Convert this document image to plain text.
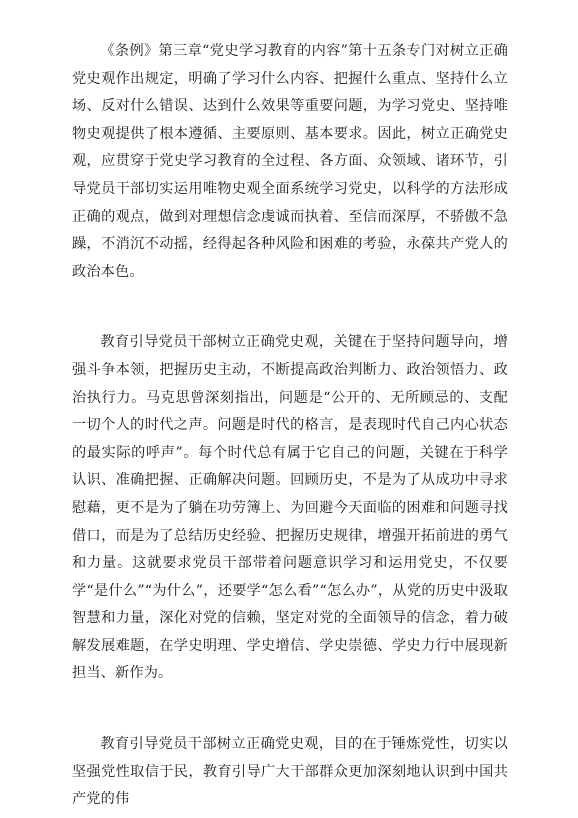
《条例》第三章“党史学习教育的内容”第十五条专门对树立正确党史观作出规定，明确了学习什么内容、把握什么重点、坚持什么立场、反对什么错误、达到什么效果等重要问题，为学习党史、坚持唯物史观提供了根本遵循、主要原则、基本要求。因此，树立正确党史观，应贯穿于党史学习教育的全过程、各方面、众领域、诸环节，引导党员干部切实运用唯物史观全面系统学习党史，以科学的方法形成正确的观点，做到对理想信念虔诚而执着、至信而深厚，不骄傲不急躁，不消沉不动摇，经得起各种风险和困难的考验，永葆共产党人的政治本色。

教育引导党员干部树立正确党史观，关键在于坚持问题导向，增强斗争本领，把握历史主动，不断提高政治判断力、政治领悟力、政治执行力。马克思曾深刻指出，问题是“公开的、无所顾忌的、支配一切个人的时代之声。问题是时代的格言，是表现时代自己内心状态的最实际的呼声”。每个时代总有属于它自己的问题，关键在于科学认识、准确把握、正确解决问题。回顾历史，不是为了从成功中寻求慰藉，更不是为了躺在功劳簿上、为回避今天面临的困难和问题寻找借口，而是为了总结历史经验、把握历史规律，增强开拓前进的勇气和力量。这就要求党员干部带着问题意识学习和运用党史，不仅要学“是什么”“为什么”，还要学“怎么看”“怎么办”，从党的历史中汲取智慧和力量，深化对党的信赖，坚定对党的全面领导的信念，着力破解发展难题，在学史明理、学史增信、学史崇德、学史力行中展现新担当、新作为。

教育引导党员干部树立正确党史观，目的在于锤炼党性，切实以坚强党性取信于民，教育引导广大干部群众更加深刻地认识到中国共产党的伟
